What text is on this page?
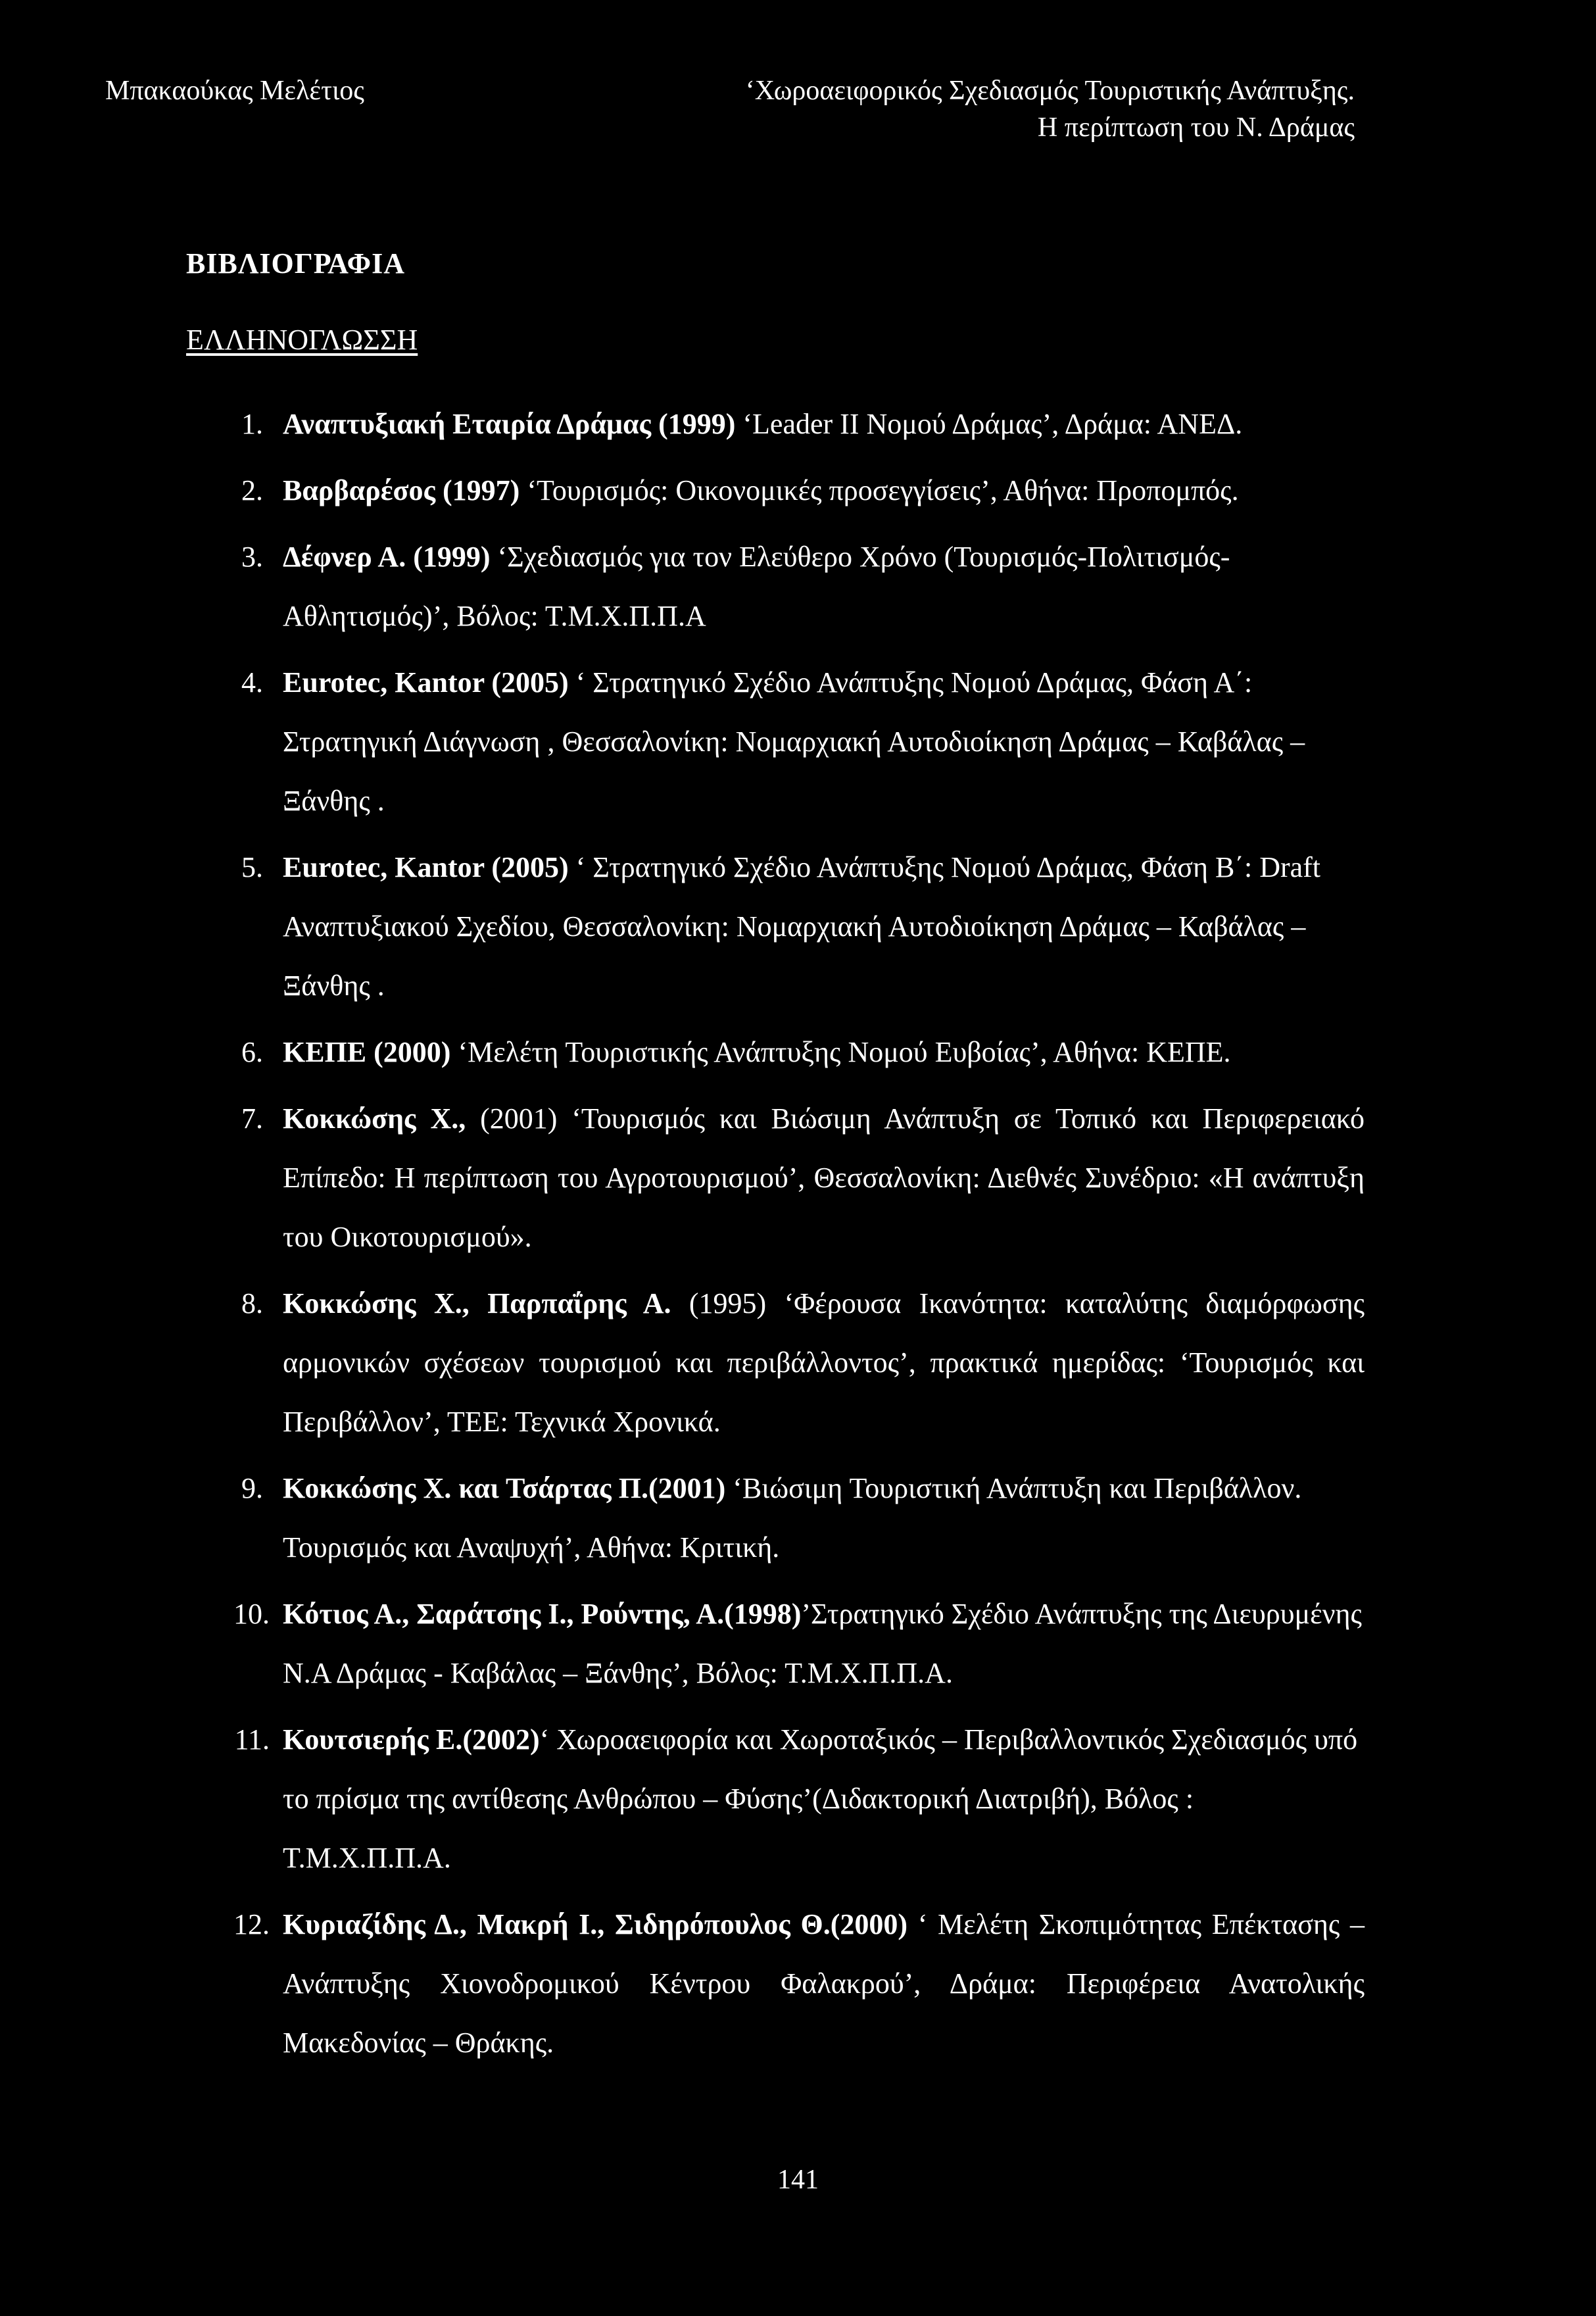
Μπακαούκας Μελέτιος	‘Χωροαειφορικός Σχεδιασμός Τουριστικής Ανάπτυξης.
Η περίπτωση του Ν. Δράμας
ΒΙΒΛΙΟΓΡΑΦΙΑ
ΕΛΛΗΝΟΓΛΩΣΣΗ
1. Αναπτυξιακή Εταιρία Δράμας (1999) ‘Leader II Νομού Δράμας’, Δράμα: ΑΝΕΔ.
2. Βαρβαρέσος (1997) ‘Τουρισμός: Οικονομικές προσεγγίσεις’, Αθήνα: Προπομπός.
3. Δέφνερ Α. (1999) ‘Σχεδιασμός για τον Ελεύθερο Χρόνο (Τουρισμός-Πολιτισμός-Αθλητισμός)’, Βόλος: Τ.Μ.Χ.Π.Π.Α
4. Eurotec, Kantor (2005) ‘ Στρατηγικό Σχέδιο Ανάπτυξης Νομού Δράμας, Φάση Α΄: Στρατηγική Διάγνωση , Θεσσαλονίκη: Νομαρχιακή Αυτοδιοίκηση Δράμας – Καβάλας – Ξάνθης .
5. Eurotec, Kantor (2005) ‘ Στρατηγικό Σχέδιο Ανάπτυξης Νομού Δράμας, Φάση Β΄: Draft Αναπτυξιακού Σχεδίου, Θεσσαλονίκη: Νομαρχιακή Αυτοδιοίκηση Δράμας – Καβάλας – Ξάνθης .
6. ΚΕΠΕ (2000) ‘Μελέτη Τουριστικής Ανάπτυξης Νομού Ευβοίας’, Αθήνα: ΚΕΠΕ.
7. Κοκκώσης Χ., (2001) ‘Τουρισμός και Βιώσιμη Ανάπτυξη σε Τοπικό και Περιφερειακό Επίπεδο: Η περίπτωση του Αγροτουρισμού’, Θεσσαλονίκη: Διεθνές Συνέδριο: «Η ανάπτυξη του Οικοτουρισμού».
8. Κοκκώσης Χ., Παρπαΐρης Α. (1995) ‘Φέρουσα Ικανότητα: καταλύτης διαμόρφωσης αρμονικών σχέσεων τουρισμού και περιβάλλοντος’, πρακτικά ημερίδας: ‘Τουρισμός και Περιβάλλον’, ΤΕΕ: Τεχνικά Χρονικά.
9. Κοκκώσης Χ. και Τσάρτας Π.(2001) ‘Βιώσιμη Τουριστική Ανάπτυξη και Περιβάλλον. Τουρισμός και Αναψυχή’, Αθήνα: Κριτική.
10. Κότιος Α., Σαράτσης Ι., Ρούντης, Α.(1998)’Στρατηγικό Σχέδιο Ανάπτυξης της Διευρυμένης Ν.Α Δράμας - Καβάλας – Ξάνθης’, Βόλος: Τ.Μ.Χ.Π.Π.Α.
11. Κουτσιερής Ε.(2002)‘ Χωροαειφορία και Χωροταξικός – Περιβαλλοντικός Σχεδιασμός υπό το πρίσμα της αντίθεσης Ανθρώπου – Φύσης’(Διδακτορική Διατριβή), Βόλος : Τ.Μ.Χ.Π.Π.Α.
12. Κυριαζίδης Δ., Μακρή Ι., Σιδηρόπουλος Θ.(2000) ‘ Μελέτη Σκοπιμότητας Επέκτασης – Ανάπτυξης Χιονοδρομικού Κέντρου Φαλακρού’, Δράμα: Περιφέρεια Ανατολικής Μακεδονίας – Θράκης.
141
